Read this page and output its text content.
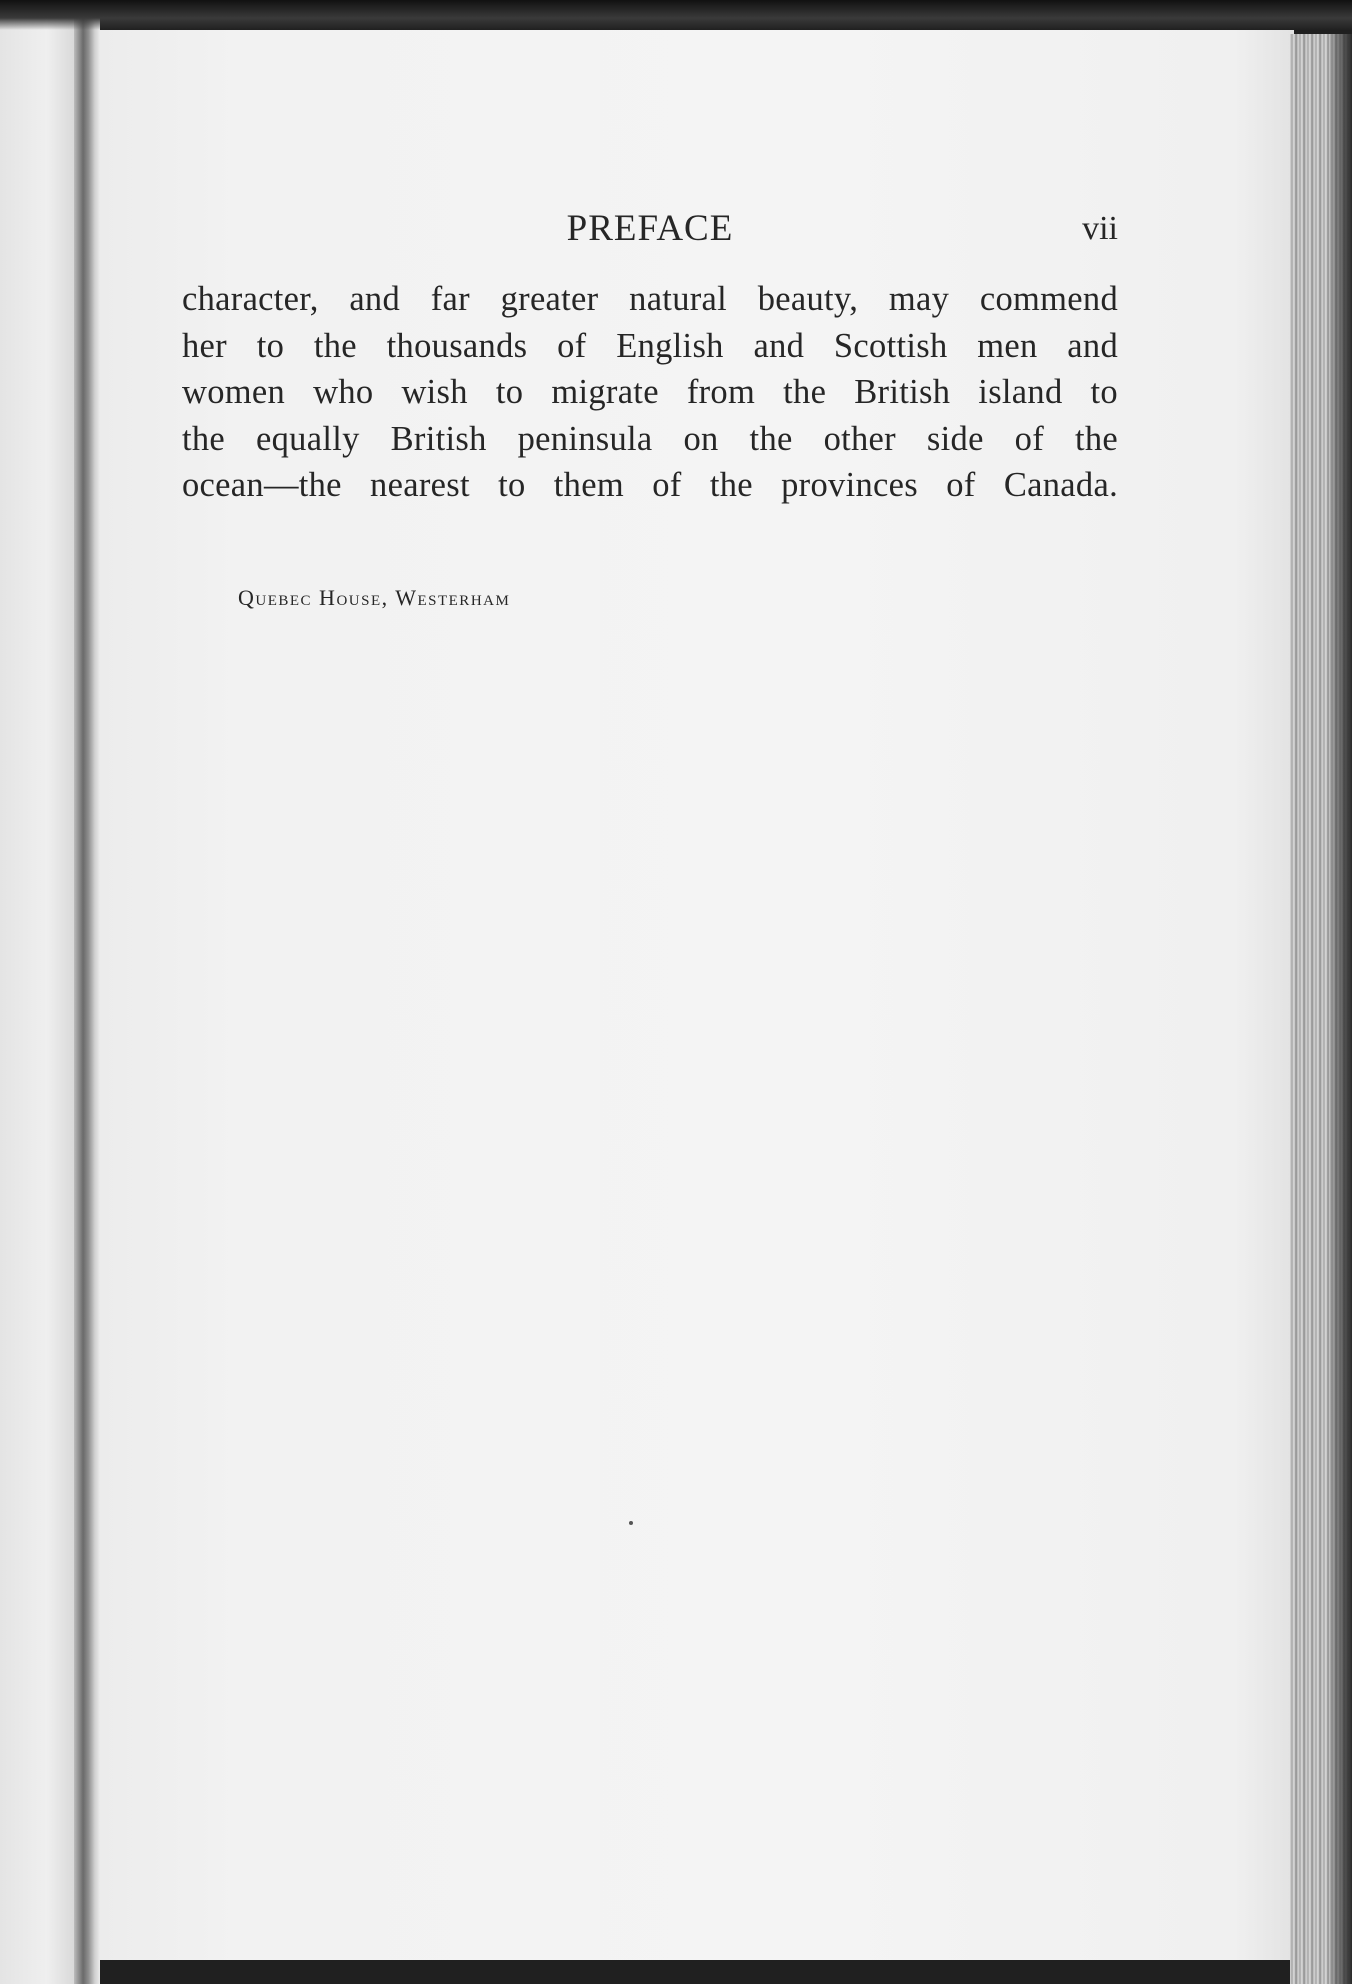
PREFACE	vii

character, and far greater natural beauty, may commend
her to the thousands of English and Scottish men and
women who wish to migrate from the British island to
the equally British peninsula on the other side of the
ocean—the nearest to them of the provinces of Canada.

Quebec House, Westerham
